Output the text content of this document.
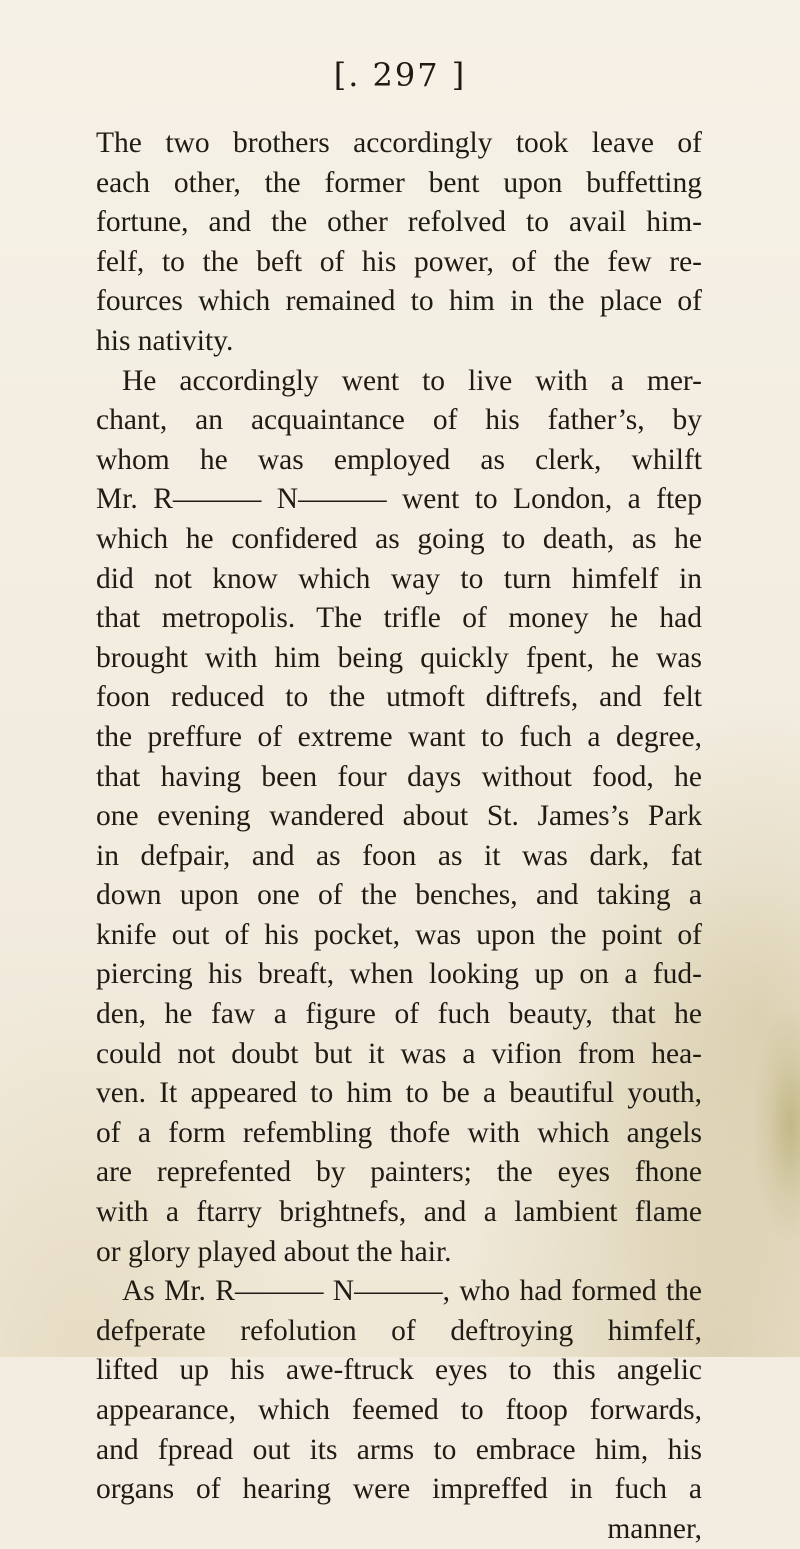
[. 297 ]
The two brothers accordingly took leave of
each other, the former bent upon buffetting
fortune, and the other refolved to avail him-
felf, to the beft of his power, of the few re-
fources which remained to him in the place of
his nativity.
He accordingly went to live with a mer-
chant, an acquaintance of his father’s, by
whom he was employed as clerk, whilft
Mr. R——— N——— went to London, a ftep
which he confidered as going to death, as he
did not know which way to turn himfelf in
that metropolis. The trifle of money he had
brought with him being quickly fpent, he was
foon reduced to the utmoft diftrefs, and felt
the preffure of extreme want to fuch a degree,
that having been four days without food, he
one evening wandered about St. James’s Park
in defpair, and as foon as it was dark, fat
down upon one of the benches, and taking a
knife out of his pocket, was upon the point of
piercing his breaft, when looking up on a fud-
den, he faw a figure of fuch beauty, that he
could not doubt but it was a vifion from hea-
ven. It appeared to him to be a beautiful youth,
of a form refembling thofe with which angels
are reprefented by painters; the eyes fhone
with a ftarry brightnefs, and a lambient flame
or glory played about the hair.
As Mr. R——— N———, who had formed the
defperate refolution of deftroying himfelf,
lifted up his awe-ftruck eyes to this angelic
appearance, which feemed to ftoop forwards,
and fpread out its arms to embrace him, his
organs of hearing were impreffed in fuch a
manner,
